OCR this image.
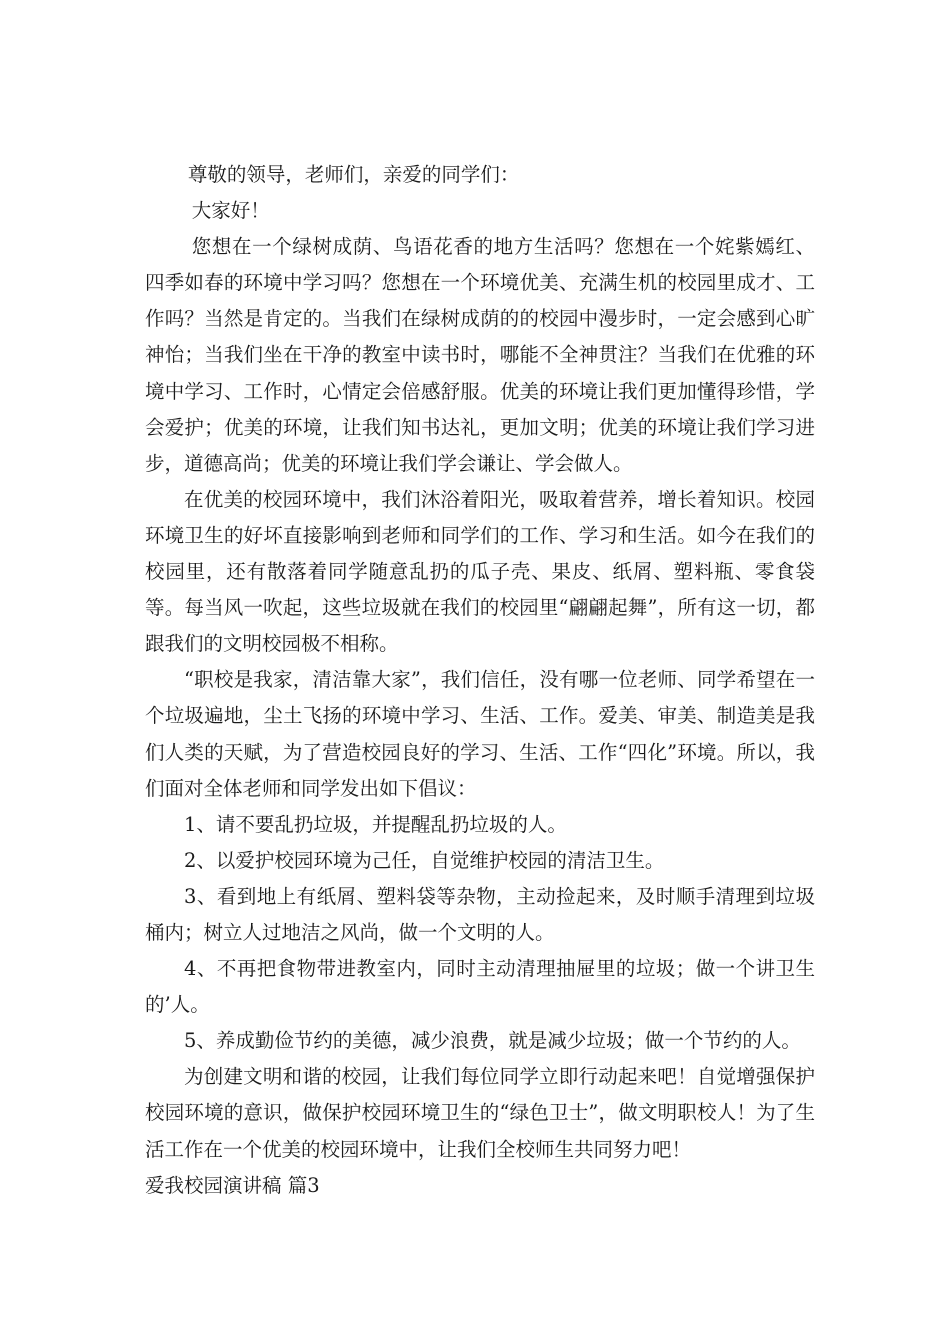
尊敬的领导，老师们，亲爱的同学们：

大家好！

您想在一个绿树成荫、鸟语花香的地方生活吗？您想在一个姹紫嫣红、四季如春的环境中学习吗？您想在一个环境优美、充满生机的校园里成才、工作吗？当然是肯定的。当我们在绿树成荫的的校园中漫步时，一定会感到心旷神怡；当我们坐在干净的教室中读书时，哪能不全神贯注？当我们在优雅的环境中学习、工作时，心情定会倍感舒服。优美的环境让我们更加懂得珍惜，学会爱护；优美的环境，让我们知书达礼，更加文明；优美的环境让我们学习进步，道德高尚；优美的环境让我们学会谦让、学会做人。

在优美的校园环境中，我们沐浴着阳光，吸取着营养，增长着知识。校园环境卫生的好坏直接影响到老师和同学们的工作、学习和生活。如今在我们的校园里，还有散落着同学随意乱扔的瓜子壳、果皮、纸屑、塑料瓶、零食袋等。每当风一吹起，这些垃圾就在我们的校园里“翩翩起舞”，所有这一切，都跟我们的文明校园极不相称。

“职校是我家，清洁靠大家”，我们信任，没有哪一位老师、同学希望在一个垃圾遍地，尘土飞扬的环境中学习、生活、工作。爱美、审美、制造美是我们人类的天赋，为了营造校园良好的学习、生活、工作“四化”环境。所以，我们面对全体老师和同学发出如下倡议：

1、请不要乱扔垃圾，并提醒乱扔垃圾的人。

2、以爱护校园环境为己任，自觉维护校园的清洁卫生。

3、看到地上有纸屑、塑料袋等杂物，主动捡起来，及时顺手清理到垃圾桶内；树立人过地洁之风尚，做一个文明的人。

4、不再把食物带进教室内，同时主动清理抽屉里的垃圾；做一个讲卫生的’人。

5、养成勤俭节约的美德，减少浪费，就是减少垃圾；做一个节约的人。

为创建文明和谐的校园，让我们每位同学立即行动起来吧！自觉增强保护校园环境的意识，做保护校园环境卫生的“绿色卫士”，做文明职校人！为了生活工作在一个优美的校园环境中，让我们全校师生共同努力吧！

爱我校园演讲稿 篇3
